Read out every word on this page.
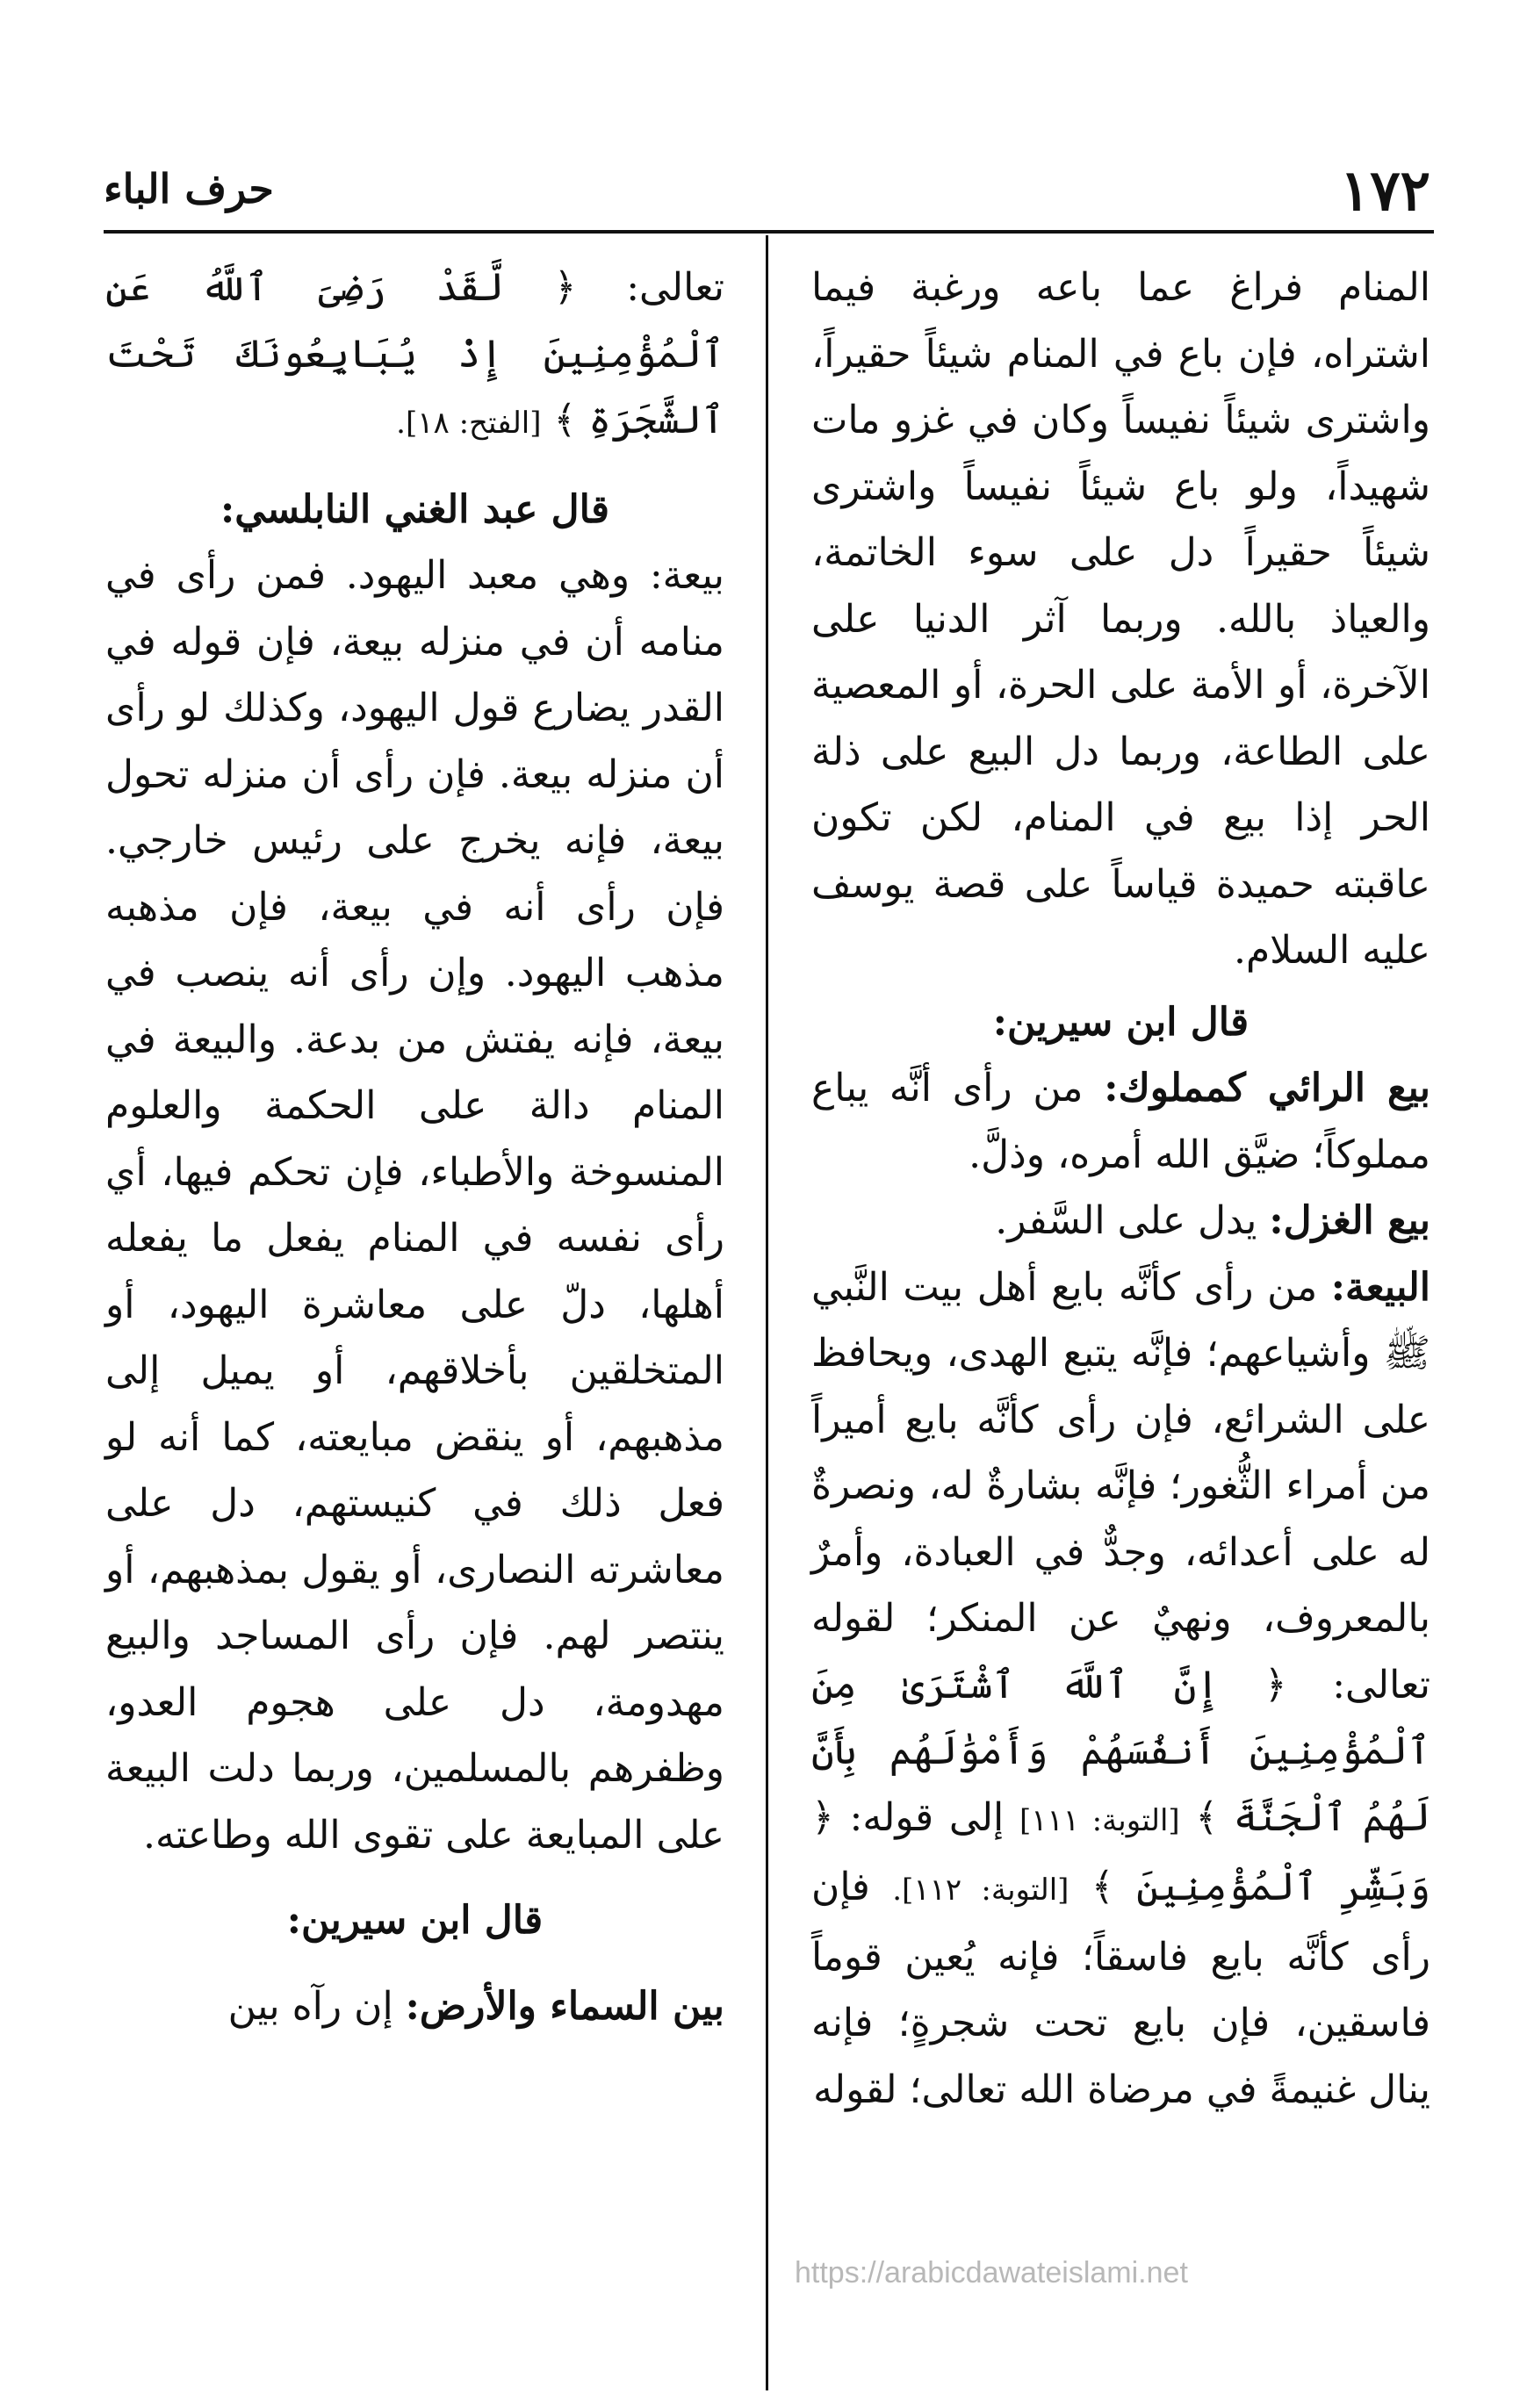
١٧٢
حرف الباء

المنام فراغ عما باعه ورغبة فيما اشتراه، فإن باع في المنام شيئاً حقيراً، واشترى شيئاً نفيساً وكان في غزو مات شهيداً، ولو باع شيئاً نفيساً واشترى شيئاً حقيراً دل على سوء الخاتمة، والعياذ بالله. وربما آثر الدنيا على الآخرة، أو الأمة على الحرة، أو المعصية على الطاعة، وربما دل البيع على ذلة الحر إذا بيع في المنام، لكن تكون عاقبته حميدة قياساً على قصة يوسف عليه السلام.

قال ابن سيرين:

بيع الرائي كمملوك: من رأى أنَّه يباع مملوكاً؛ ضيَّق الله أمره، وذلَّ.

بيع الغزل: يدل على السَّفر.

البيعة: من رأى كأنَّه بايع أهل بيت النَّبي ﷺ وأشياعهم؛ فإنَّه يتبع الهدى، ويحافظ على الشرائع، فإن رأى كأنَّه بايع أميراً من أمراء الثُّغور؛ فإنَّه بشارةٌ له، ونصرةٌ له على أعدائه، وجدٌّ في العبادة، وأمرٌ بالمعروف، ونهيٌ عن المنكر؛ لقوله تعالى: ﴿ إِنَّ ٱللَّهَ ٱشْتَرَىٰ مِنَ ٱلْمُؤْمِنِينَ أَنفُسَهُمْ وَأَمْوَٰلَهُم بِأَنَّ لَهُمُ ٱلْجَنَّةَ ﴾ [التوبة: ١١١] إلى قوله: ﴿ وَبَشِّرِ ٱلْمُؤْمِنِينَ ﴾ [التوبة: ١١٢]. فإن رأى كأنَّه بايع فاسقاً؛ فإنه يُعين قوماً فاسقين، فإن بايع تحت شجرةٍ؛ فإنه ينال غنيمةً في مرضاة الله تعالى؛ لقوله

تعالى: ﴿ لَّقَدْ رَضِىَ ٱللَّهُ عَنِ ٱلْمُؤْمِنِينَ إِذْ يُبَايِعُونَكَ تَحْتَ ٱلشَّجَرَةِ ﴾ [الفتح: ١٨].

قال عبد الغني النابلسي:

بيعة: وهي معبد اليهود. فمن رأى في منامه أن في منزله بيعة، فإن قوله في القدر يضارع قول اليهود، وكذلك لو رأى أن منزله بيعة. فإن رأى أن منزله تحول بيعة، فإنه يخرج على رئيس خارجي. فإن رأى أنه في بيعة، فإن مذهبه مذهب اليهود. وإن رأى أنه ينصب في بيعة، فإنه يفتش من بدعة. والبيعة في المنام دالة على الحكمة والعلوم المنسوخة والأطباء، فإن تحكم فيها، أي رأى نفسه في المنام يفعل ما يفعله أهلها، دلّ على معاشرة اليهود، أو المتخلقين بأخلاقهم، أو يميل إلى مذهبهم، أو ينقض مبايعته، كما أنه لو فعل ذلك في كنيستهم، دل على معاشرته النصارى، أو يقول بمذهبهم، أو ينتصر لهم. فإن رأى المساجد والبيع مهدومة، دل على هجوم العدو، وظفرهم بالمسلمين، وربما دلت البيعة على المبايعة على تقوى الله وطاعته.

قال ابن سيرين:

بين السماء والأرض: إن رآه بين

https://arabicdawateislami.net
